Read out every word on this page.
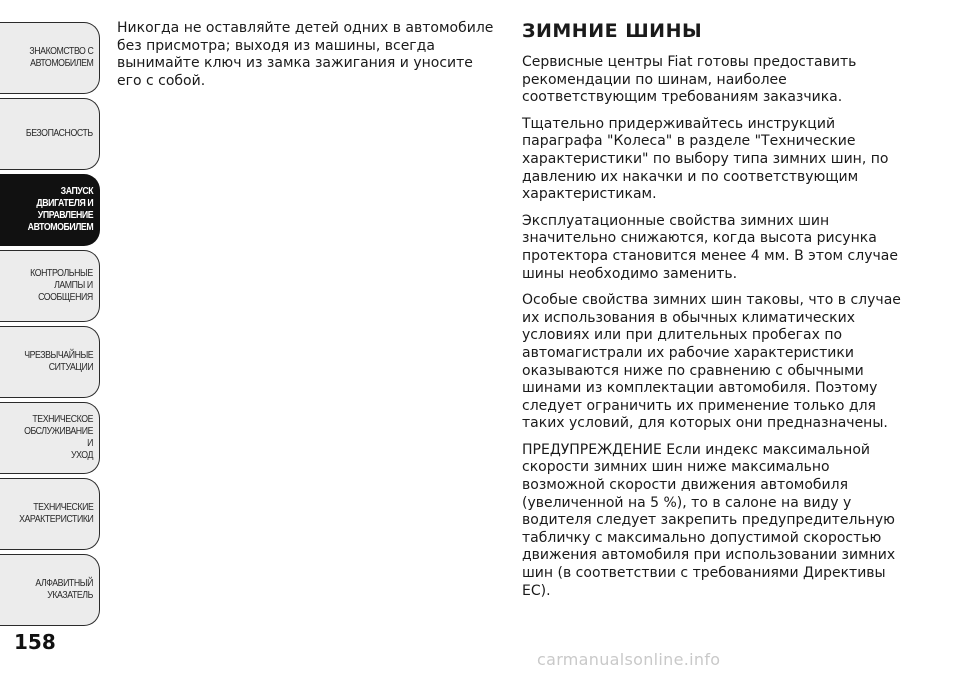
ЗНАКОМСТВО С
АВТОМОБИЛЕМ
БЕЗОПАСНОСТЬ
ЗАПУСК
ДВИГАТЕЛЯ И
УПРАВЛЕНИЕ
АВТОМОБИЛЕМ
КОНТРОЛЬНЫЕ
ЛАМПЫ И
СООБЩЕНИЯ
ЧРЕЗВЫЧАЙНЫЕ
СИТУАЦИИ
ТЕХНИЧЕСКОЕ
ОБСЛУЖИВАНИЕ И
УХОД
ТЕХНИЧЕСКИЕ
ХАРАКТЕРИСТИКИ
АЛФАВИТНЫЙ
УКАЗАТЕЛЬ
158

Никогда не оставляйте детей одних в автомобиле без присмотра; выходя из машины, всегда вынимайте ключ из замка зажигания и уносите его с собой.

ЗИМНИЕ ШИНЫ

Сервисные центры Fiat готовы предоставить рекомендации по шинам, наиболее соответствующим требованиям заказчика.

Тщательно придерживайтесь инструкций параграфа "Колеса" в разделе "Технические характеристики" по выбору типа зимних шин, по давлению их накачки и по соответствующим характеристикам.

Эксплуатационные свойства зимних шин значительно снижаются, когда высота рисунка протектора становится менее 4 мм. В этом случае шины необходимо заменить.

Особые свойства зимних шин таковы, что в случае их использования в обычных климатических условиях или при длительных пробегах по автомагистрали их рабочие характеристики оказываются ниже по сравнению с обычными шинами из комплектации автомобиля. Поэтому следует ограничить их применение только для таких условий, для которых они предназначены.

ПРЕДУПРЕЖДЕНИЕ Если индекс максимальной скорости зимних шин ниже максимально возможной скорости движения автомобиля (увеличенной на 5 %), то в салоне на виду у водителя следует закрепить предупредительную табличку с максимально допустимой скоростью движения автомобиля при использовании зимних шин (в соответствии с требованиями Директивы ЕС).

carmanualsonline.info
